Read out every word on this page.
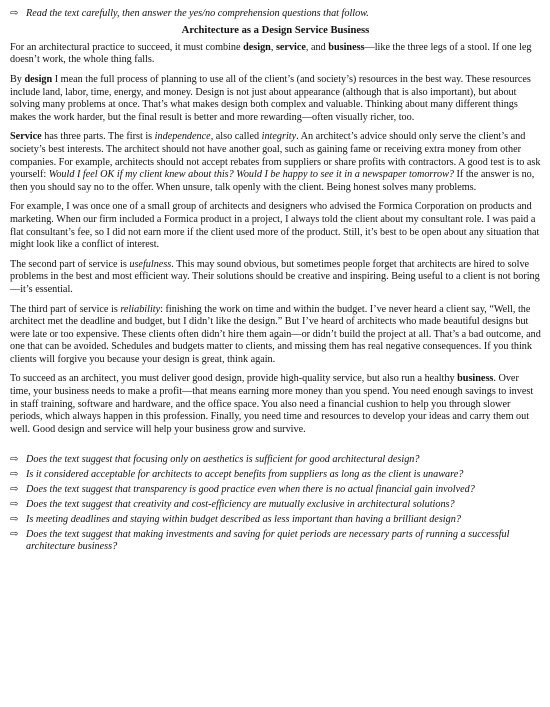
⇨ Read the text carefully, then answer the yes/no comprehension questions that follow.
Architecture as a Design Service Business

For an architectural practice to succeed, it must combine design, service, and business—like the three legs of a stool. If one leg doesn’t work, the whole thing falls.

By design I mean the full process of planning to use all of the client’s (and society’s) resources in the best way. These resources include land, labor, time, energy, and money. Design is not just about appearance (although that is also important), but about solving many problems at once. That’s what makes design both complex and valuable. Thinking about many different things makes the work harder, but the final result is better and more rewarding—often visually richer, too.

Service has three parts. The first is independence, also called integrity. An architect’s advice should only serve the client’s and society’s best interests. The architect should not have another goal, such as gaining fame or receiving extra money from other companies. For example, architects should not accept rebates from suppliers or share profits with contractors. A good test is to ask yourself: Would I feel OK if my client knew about this? Would I be happy to see it in a newspaper tomorrow? If the answer is no, then you should say no to the offer. When unsure, talk openly with the client. Being honest solves many problems.

For example, I was once one of a small group of architects and designers who advised the Formica Corporation on products and marketing. When our firm included a Formica product in a project, I always told the client about my consultant role. I was paid a flat consultant’s fee, so I did not earn more if the client used more of the product. Still, it’s best to be open about any situation that might look like a conflict of interest.

The second part of service is usefulness. This may sound obvious, but sometimes people forget that architects are hired to solve problems in the best and most efficient way. Their solutions should be creative and inspiring. Being useful to a client is not boring—it’s essential.

The third part of service is reliability: finishing the work on time and within the budget. I’ve never heard a client say, “Well, the architect met the deadline and budget, but I didn’t like the design.” But I’ve heard of architects who made beautiful designs but were late or too expensive. These clients often didn’t hire them again—or didn’t build the project at all. That’s a bad outcome, and one that can be avoided. Schedules and budgets matter to clients, and missing them has real negative consequences. If you think clients will forgive you because your design is great, think again.

To succeed as an architect, you must deliver good design, provide high-quality service, but also run a healthy business. Over time, your business needs to make a profit—that means earning more money than you spend. You need enough savings to invest in staff training, software and hardware, and the office space. You also need a financial cushion to help you through slower periods, which always happen in this profession. Finally, you need time and resources to develop your ideas and carry them out well. Good design and service will help your business grow and survive.

⇨ Does the text suggest that focusing only on aesthetics is sufficient for good architectural design?
⇨ Is it considered acceptable for architects to accept benefits from suppliers as long as the client is unaware?
⇨ Does the text suggest that transparency is good practice even when there is no actual financial gain involved?
⇨ Does the text suggest that creativity and cost-efficiency are mutually exclusive in architectural solutions?
⇨ Is meeting deadlines and staying within budget described as less important than having a brilliant design?
⇨ Does the text suggest that making investments and saving for quiet periods are necessary parts of running a successful architecture business?
